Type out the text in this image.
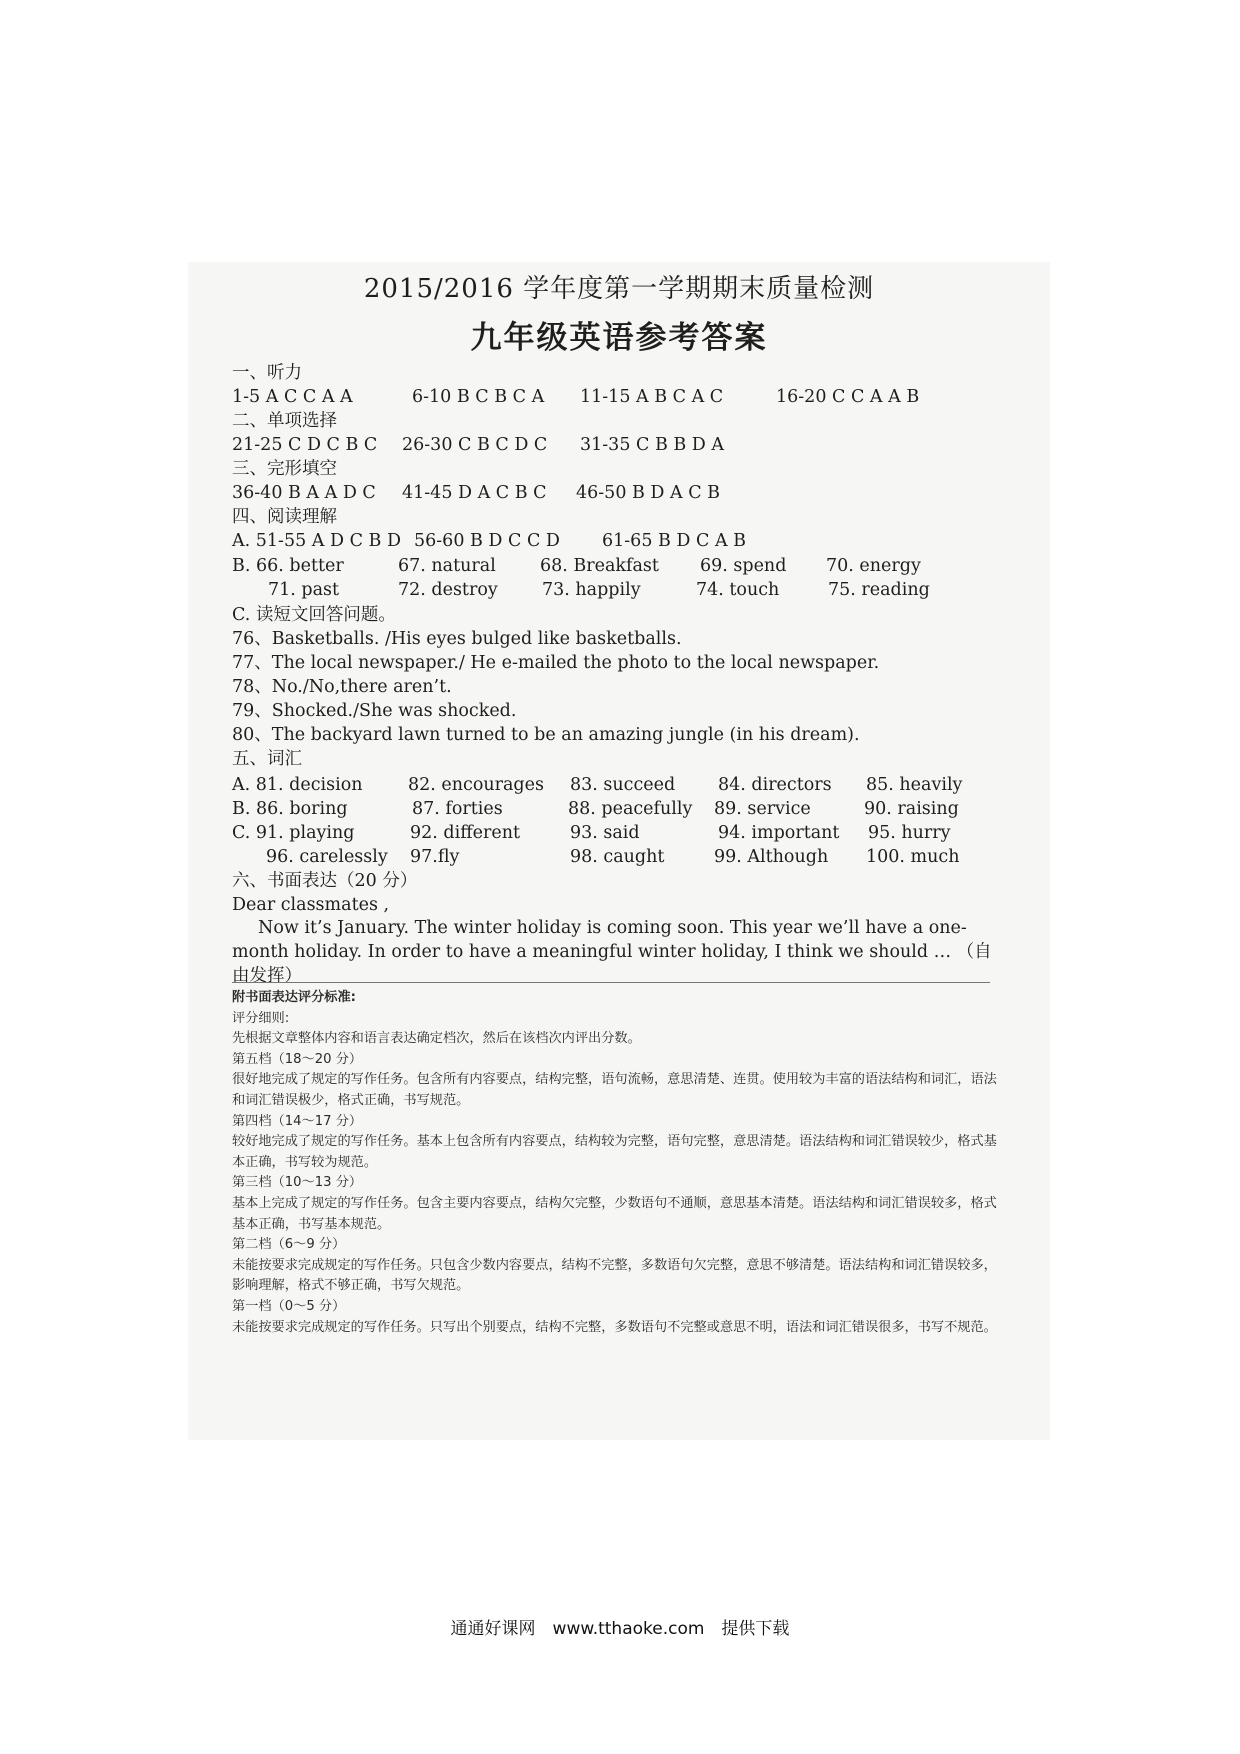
2015/2016 学年度第一学期期末质量检测
九年级英语参考答案
一、听力
1-5 A C C A A	6-10 B C B C A 11-15 A B C A C	16-20 C C A A B
二、单项选择
21-25 C D C B C 26-30 C B C D C 31-35 C B B D A
三、完形填空
36-40 B A A D C 41-45 D A C B C 46-50 B D A C B
四、阅读理解
A. 51-55 A D C B D 56-60 B D C C D 61-65 B D C A B
B. 66. better	67. natural	68. Breakfast 69. spend 70. energy
71. past	72. destroy	73. happily	74. touch	75. reading
C. 读短文回答问题。
76、Basketballs. /His eyes bulged like basketballs.
77、The local newspaper./ He e-mailed the photo to the local newspaper.
78、No./No,there aren’t.
79、Shocked./She was shocked.
80、The backyard lawn turned to be an amazing jungle (in his dream).
五、词汇
A. 81. decision	82. encourages 83. succeed 84. directors 85. heavily
B. 86. boring	87. forties	88. peacefully 89. service	90. raising
C. 91. playing	92. different	93. said	94. important 95. hurry
96. carelessly 97.fly	98. caught	99. Although 100. much
六、书面表达（20 分）
Dear classmates ,
Now it’s January. The winter holiday is coming soon. This year we’ll have a one-month holiday. In order to have a meaningful winter holiday, I think we should … （自由发挥）
附书面表达评分标准:
评分细则:
先根据文章整体内容和语言表达确定档次，然后在该档次内评出分数。
第五档（18～20 分）
很好地完成了规定的写作任务。包含所有内容要点，结构完整，语句流畅，意思清楚、连贯。使用较为丰富的语法结构和词汇，语法和词汇错误极少，格式正确，书写规范。
第四档（14～17 分）
较好地完成了规定的写作任务。基本上包含所有内容要点，结构较为完整，语句完整，意思清楚。语法结构和词汇错误较少，格式基本正确，书写较为规范。
第三档（10～13 分）
基本上完成了规定的写作任务。包含主要内容要点，结构欠完整，少数语句不通顺，意思基本清楚。语法结构和词汇错误较多，格式基本正确，书写基本规范。
第二档（6～9 分）
未能按要求完成规定的写作任务。只包含少数内容要点，结构不完整，多数语句欠完整，意思不够清楚。语法结构和词汇错误较多，影响理解，格式不够正确，书写欠规范。
第一档（0～5 分）
未能按要求完成规定的写作任务。只写出个别要点，结构不完整，多数语句不完整或意思不明，语法和词汇错误很多，书写不规范。
通通好课网　www.tthaoke.com　提供下载
